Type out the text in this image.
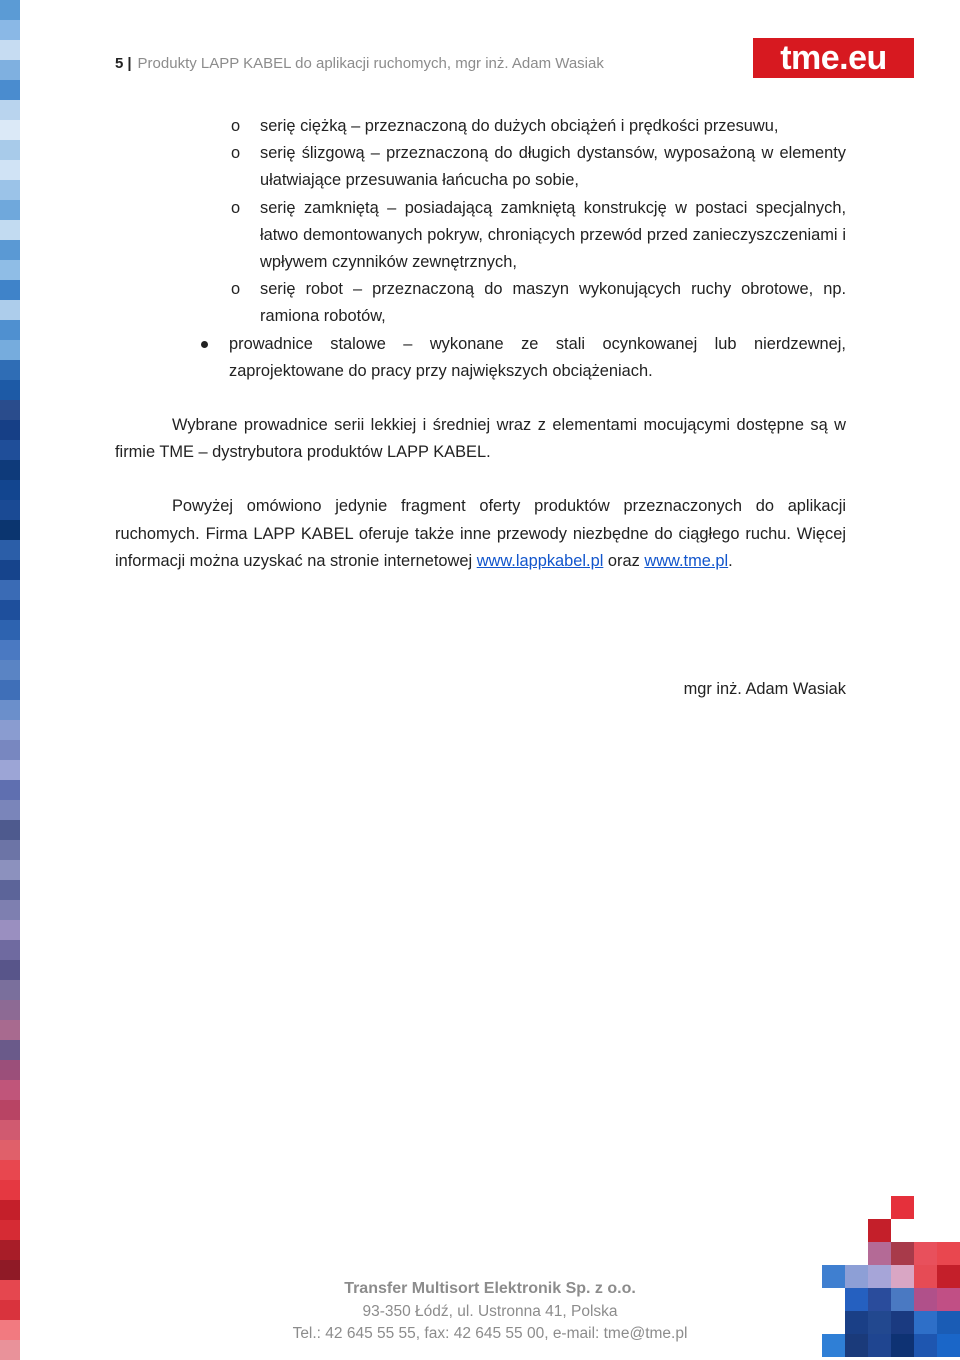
5 | Produkty LAPP KABEL do aplikacji ruchomych, mgr inż. Adam Wasiak	tme.eu

o serię ciężką – przeznaczoną do dużych obciążeń i prędkości przesuwu,

o serię ślizgową – przeznaczoną do długich dystansów, wyposażoną w elementy ułatwiające przesuwania łańcucha po sobie,

o serię zamkniętą – posiadającą zamkniętą konstrukcję w postaci specjalnych, łatwo demontowanych pokryw, chroniących przewód przed zanieczyszczeniami i wpływem czynników zewnętrznych,

o serię robot – przeznaczoną do maszyn wykonujących ruchy obrotowe, np. ramiona robotów,

prowadnice stalowe – wykonane ze stali ocynkowanej lub nierdzewnej, zaprojektowane do pracy przy największych obciążeniach.

Wybrane prowadnice serii lekkiej i średniej wraz z elementami mocującymi dostępne są w firmie TME – dystrybutora produktów LAPP KABEL.

Powyżej omówiono jedynie fragment oferty produktów przeznaczonych do aplikacji ruchomych. Firma LAPP KABEL oferuje także inne przewody niezbędne do ciągłego ruchu. Więcej informacji można uzyskać na stronie internetowej www.lappkabel.pl oraz www.tme.pl.

mgr inż. Adam Wasiak

Transfer Multisort Elektronik Sp. z o.o.
93-350 Łódź, ul. Ustronna 41, Polska
Tel.: 42 645 55 55, fax: 42 645 55 00, e-mail: tme@tme.pl
